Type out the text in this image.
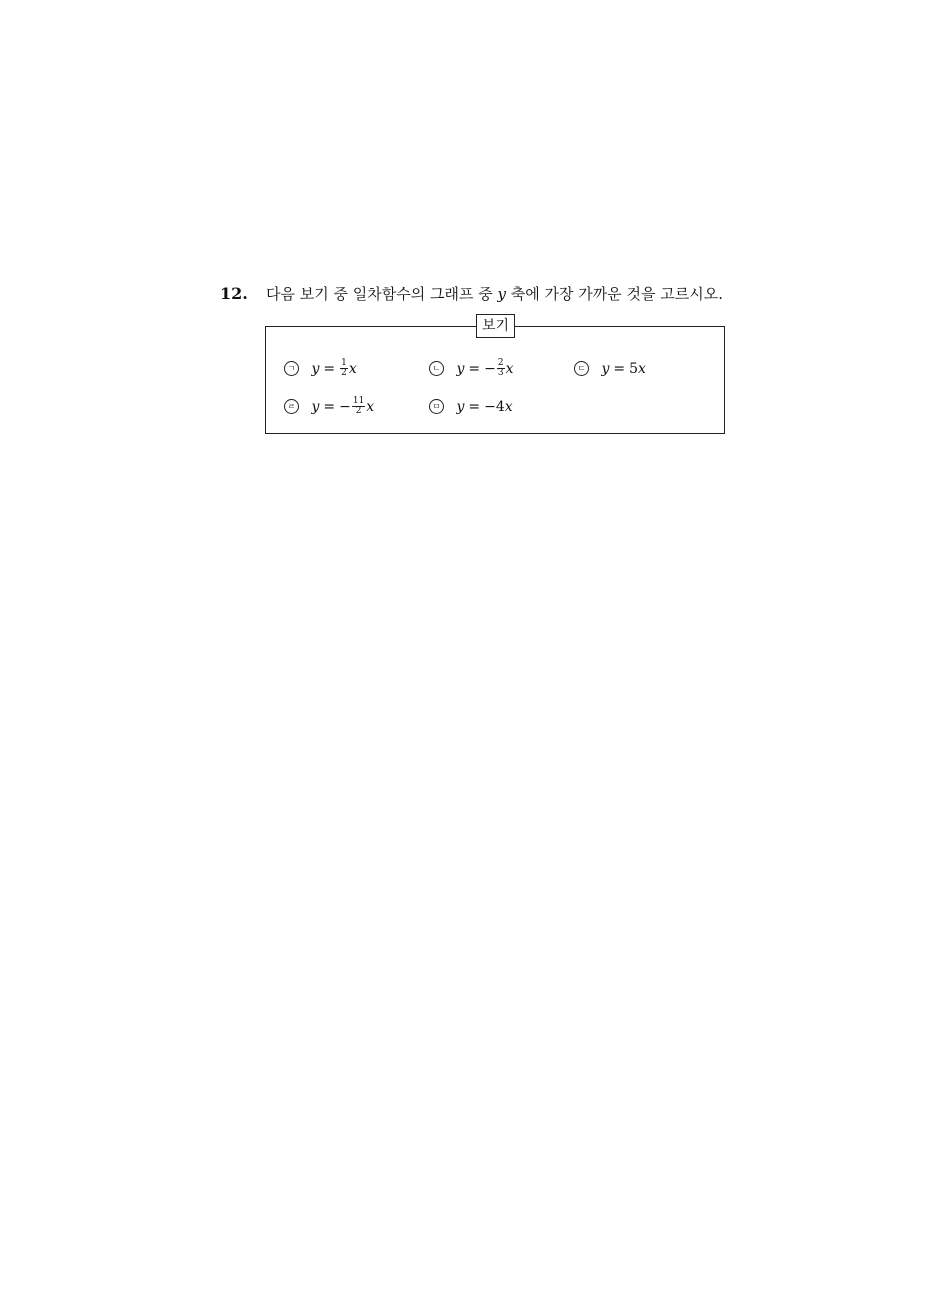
12. 다음 보기 중 일차함수의 그래프 중 y 축에 가장 가까운 것을 고르시오.
보기
ㄱ $y = \frac{1}{2}$ x	ㄴ y = − $\frac{2}{3}$ x	ㄷ y = 5x
ㄹ y = − $\frac{11}{2}$ x	ㅁ y = −4x
